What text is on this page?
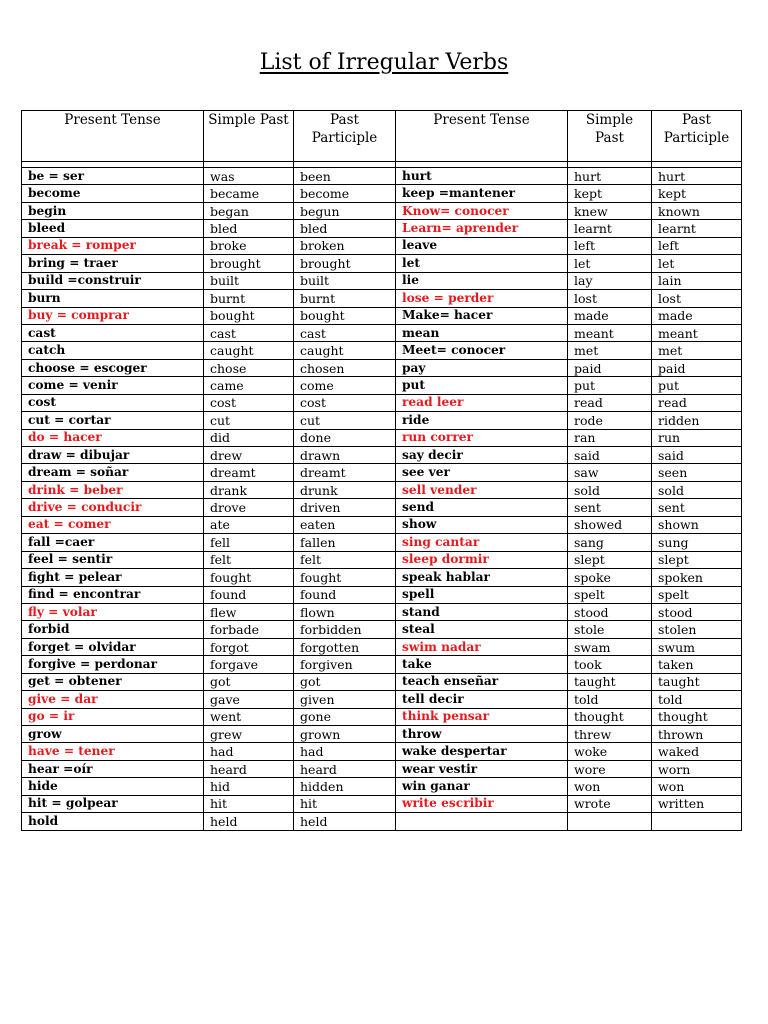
List of Irregular Verbs
Present Tense	Simple Past	Past Participle	Present Tense	Simple Past	Past Participle

be = ser	was	been	hurt	hurt	hurt
become	became	become	keep =mantener	kept	kept
begin	began	begun	Know= conocer	knew	known
bleed	bled	bled	Learn= aprender	learnt	learnt
break = romper	broke	broken	leave	left	left
bring = traer	brought	brought	let	let	let
build =construir	built	built	lie	lay	lain
burn	burnt	burnt	lose = perder	lost	lost
buy = comprar	bought	bought	Make= hacer	made	made
cast	cast	cast	mean	meant	meant
catch	caught	caught	Meet= conocer	met	met
choose = escoger	chose	chosen	pay	paid	paid
come = venir	came	come	put	put	put
cost	cost	cost	read leer	read	read
cut = cortar	cut	cut	ride	rode	ridden
do = hacer	did	done	run correr	ran	run
draw = dibujar	drew	drawn	say decir	said	said
dream = soñar	dreamt	dreamt	see ver	saw	seen
drink = beber	drank	drunk	sell vender	sold	sold
drive = conducir	drove	driven	send	sent	sent
eat = comer	ate	eaten	show	showed	shown
fall =caer	fell	fallen	sing cantar	sang	sung
feel = sentir	felt	felt	sleep dormir	slept	slept
fight = pelear	fought	fought	speak hablar	spoke	spoken
find = encontrar	found	found	spell	spelt	spelt
fly = volar	flew	flown	stand	stood	stood
forbid	forbade	forbidden	steal	stole	stolen
forget = olvidar	forgot	forgotten	swim nadar	swam	swum
forgive = perdonar	forgave	forgiven	take	took	taken
get = obtener	got	got	teach enseñar	taught	taught
give = dar	gave	given	tell decir	told	told
go = ir	went	gone	think pensar	thought	thought
grow	grew	grown	throw	threw	thrown
have = tener	had	had	wake despertar	woke	waked
hear =oír	heard	heard	wear vestir	wore	worn
hide	hid	hidden	win ganar	won	won
hit = golpear	hit	hit	write escribir	wrote	written
hold	held	held			
